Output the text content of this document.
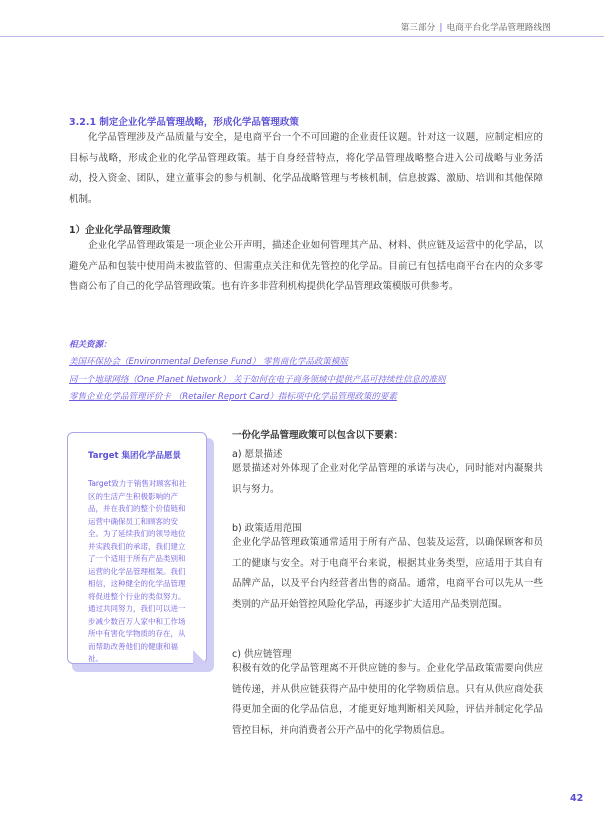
第三部分 | 电商平台化学品管理路线图
3.2.1 制定企业化学品管理战略，形成化学品管理政策

化学品管理涉及产品质量与安全，是电商平台一个不可回避的企业责任议题。针对这一议题，应制定相应的目标与战略，形成企业的化学品管理政策。基于自身经营特点，将化学品管理战略整合进入公司战略与业务活动，投入资金、团队，建立董事会的参与机制、化学品战略管理与考核机制，信息披露、激励、培训和其他保障机制。

1）企业化学品管理政策

企业化学品管理政策是一项企业公开声明，描述企业如何管理其产品、材料、供应链及运营中的化学品，以避免产品和包装中使用尚未被监管的、但需重点关注和优先管控的化学品。目前已有包括电商平台在内的众多零售商公布了自己的化学品管理政策。也有许多非营利机构提供化学品管理政策模版可供参考。

相关资源：
美国环保协会（Environmental Defense Fund） 零售商化学品政策模版
同一个地球网络（One Planet Network） 关于如何在电子商务领域中提供产品可持续性信息的准则
零售企业化学品管理评价卡 （Retailer Report Card）指标项中化学品管理政策的要素
Target 集团化学品愿景

Target致力于销售对顾客和社区的生活产生积极影响的产品，并在我们的整个价值链和运营中确保员工和顾客的安全。为了延续我们的领导地位并实践我们的承诺，我们建立了一个适用于所有产品类别和运营的化学品管理框架。我们相信，这种健全的化学品管理将促进整个行业的类似努力。通过共同努力，我们可以进一步减少数百万人家中和工作场所中有害化学物质的存在，从而帮助改善他们的健康和福祉。

一份化学品管理政策可以包含以下要素：
a) 愿景描述

愿景描述对外体现了企业对化学品管理的承诺与决心，同时能对内凝聚共识与努力。

b) 政策适用范围

企业化学品管理政策通常适用于所有产品、包装及运营，以确保顾客和员工的健康与安全。对于电商平台来说，根据其业务类型，应适用于其自有品牌产品，以及平台内经营者出售的商品。通常，电商平台可以先从一些类别的产品开始管控风险化学品，再逐步扩大适用产品类别范围。

c) 供应链管理

积极有效的化学品管理离不开供应链的参与。企业化学品政策需要向供应链传递，并从供应链获得产品中使用的化学物质信息。只有从供应商处获得更加全面的化学品信息，才能更好地判断相关风险，评估并制定化学品管控目标，并向消费者公开产品中的化学物质信息。

42
